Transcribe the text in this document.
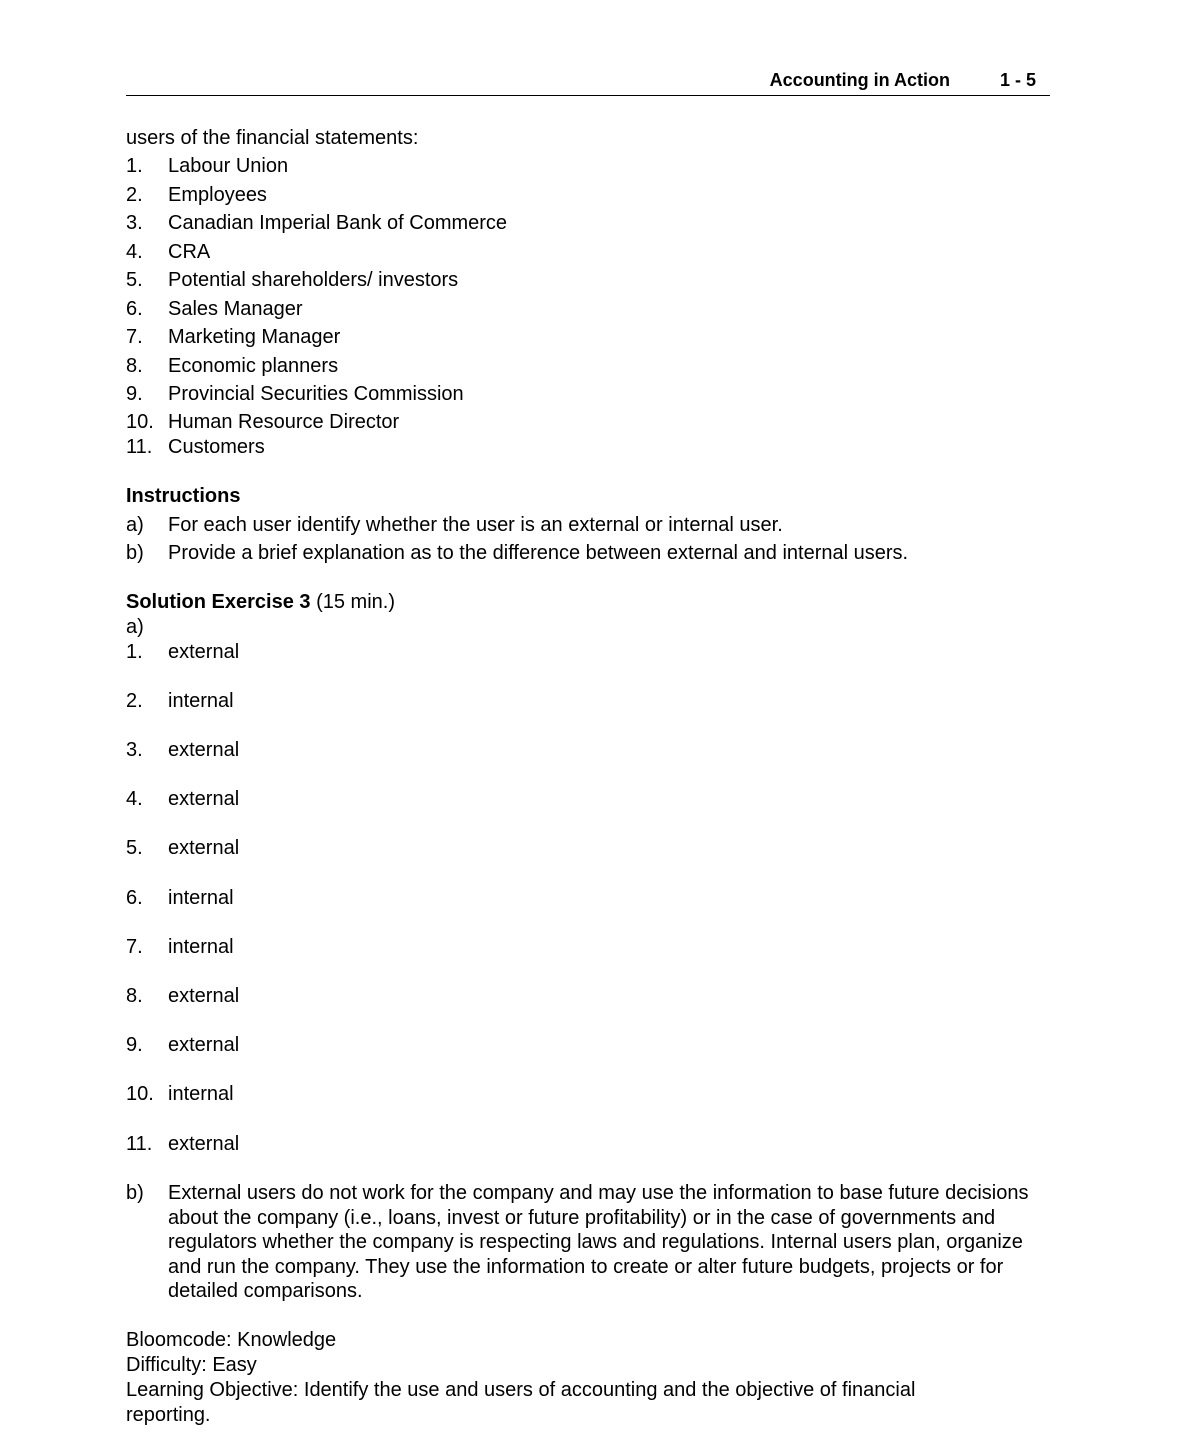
Accounting in Action	1 - 5
users of the financial statements:
1. Labour Union
2. Employees
3. Canadian Imperial Bank of Commerce
4. CRA
5. Potential shareholders/ investors
6. Sales Manager
7. Marketing Manager
8. Economic planners
9. Provincial Securities Commission
10. Human Resource Director
11. Customers
Instructions
a) For each user identify whether the user is an external or internal user.
b) Provide a brief explanation as to the difference between external and internal users.
Solution Exercise 3 (15 min.)
a)
1. external
2. internal
3. external
4. external
5. external
6. internal
7. internal
8. external
9. external
10. internal
11. external
b) External users do not work for the company and may use the information to base future decisions about the company (i.e., loans, invest or future profitability) or in the case of governments and regulators whether the company is respecting laws and regulations. Internal users plan, organize and run the company. They use the information to create or alter future budgets, projects or for detailed comparisons.
Bloomcode: Knowledge
Difficulty: Easy
Learning Objective: Identify the use and users of accounting and the objective of financial reporting.
